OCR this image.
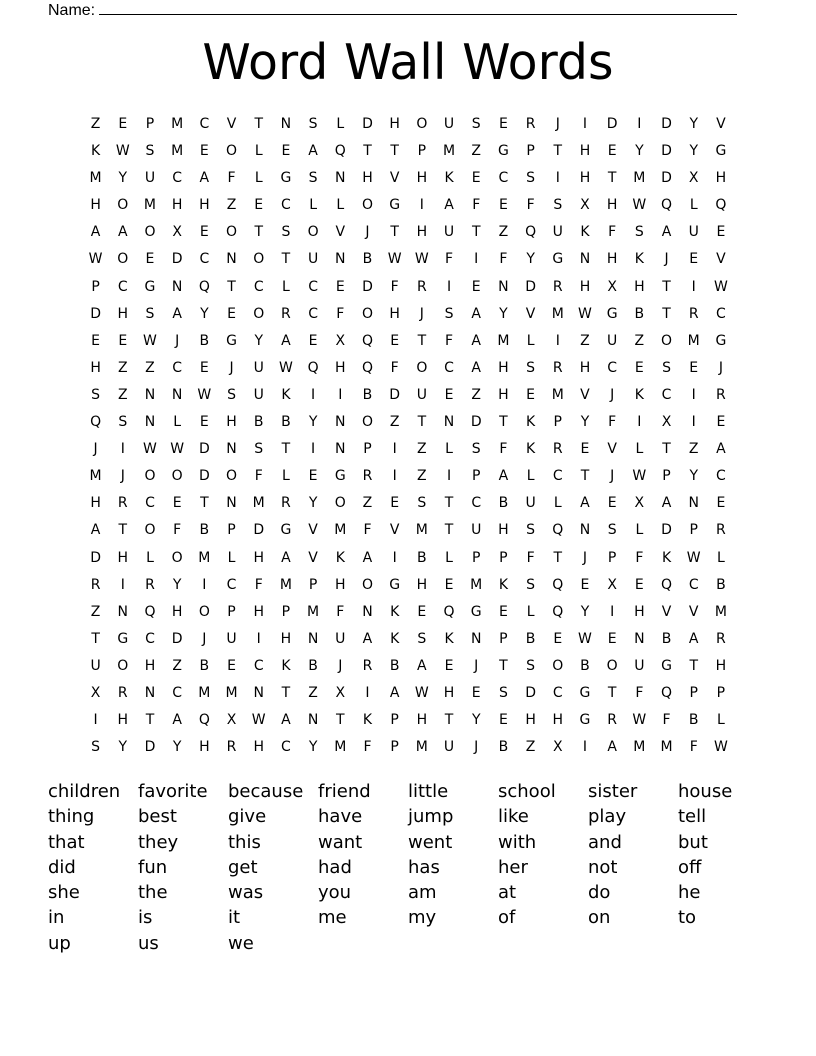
Name:
Word Wall Words
Z	E	P	M	C	V	T	N	S	L	D	H	O	U	S	E	R	J	I	D	I	D	Y	V
K	W	S	M	E	O	L	E	A	Q	T	T	P	M	Z	G	P	T	H	E	Y	D	Y	G
M	Y	U	C	A	F	L	G	S	N	H	V	H	K	E	C	S	I	H	T	M	D	X	H
H	O	M	H	H	Z	E	C	L	L	O	G	I	A	F	E	F	S	X	H	W	Q	L	Q
A	A	O	X	E	O	T	S	O	V	J	T	H	U	T	Z	Q	U	K	F	S	A	U	E
W	O	E	D	C	N	O	T	U	N	B	W W	F	I	F	Y	G	N	H	K	J	E	V
P	C	G	N	Q	T	C	L	C	E	D	F	R	I	E	N	D	R	H	X	H	T	I	W
D	H	S	A	Y	E	O	R	C	F	O	H	J	S	A	Y	V	M	W	G	B	T	R	C
E	E	W	J	B	G	Y	A	E	X	Q	E	T	F	A	M	L	I	Z	U	Z	O	M	G
H	Z	Z	C	E	J	U	W	Q	H	Q	F	O	C	A	H	S	R	H	C	E	S	E	J
S	Z	N	N	W	S	U	K	I	I	B	D	U	E	Z	H	E	M	V	J	K	C	I	R
Q	S	N	L	E	H	B	B	Y	N	O	Z	T	N	D	T	K	P	Y	F	I	X	I	E
J	I	W W	D	N	S	T	I	N	P	I	Z	L	S	F	K	R	E	V	L	T	Z	A
M	J	O	O	D	O	F	L	E	G	R	I	Z	I	P	A	L	C	T	J	W	P	Y	C
H	R	C	E	T	N	M	R	Y	O	Z	E	S	T	C	B	U	L	A	E	X	A	N	E
A	T	O	F	B	P	D	G	V	M	F	V	M	T	U	H	S	Q	N	S	L	D	P	R
D	H	L	O	M	L	H	A	V	K	A	I	B	L	P	P	F	T	J	P	F	K	W	L
R	I	R	Y	I	C	F	M	P	H	O	G	H	E	M	K	S	Q	E	X	E	Q	C	B
Z	N	Q	H	O	P	H	P	M	F	N	K	E	Q	G	E	L	Q	Y	I	H	V	V	M
T	G	C	D	J	U	I	H	N	U	A	K	S	K	N	P	B	E	W	E	N	B	A	R
U	O	H	Z	B	E	C	K	B	J	R	B	A	E	J	T	S	O	B	O	U	G	T	H
X	R	N	C	M	M	N	T	Z	X	I	A	W	H	E	S	D	C	G	T	F	Q	P	P
I	H	T	A	Q	X	W	A	N	T	K	P	H	T	Y	E	H	H	G	R	W	F	B	L
S	Y	D	Y	H	R	H	C	Y	M	F	P	M	U	J	B	Z	X	I	A	M	M	F	W
children favorite	because friend	little	school	sister	house
thing	best	give	have	jump	like	play	tell
that	they	this	want	went	with	and	but
did	fun	get	had	has	her	not	off
she	the	was	you	am	at	do	he
in	is	it	me	my	of	on	to
up	us	we
